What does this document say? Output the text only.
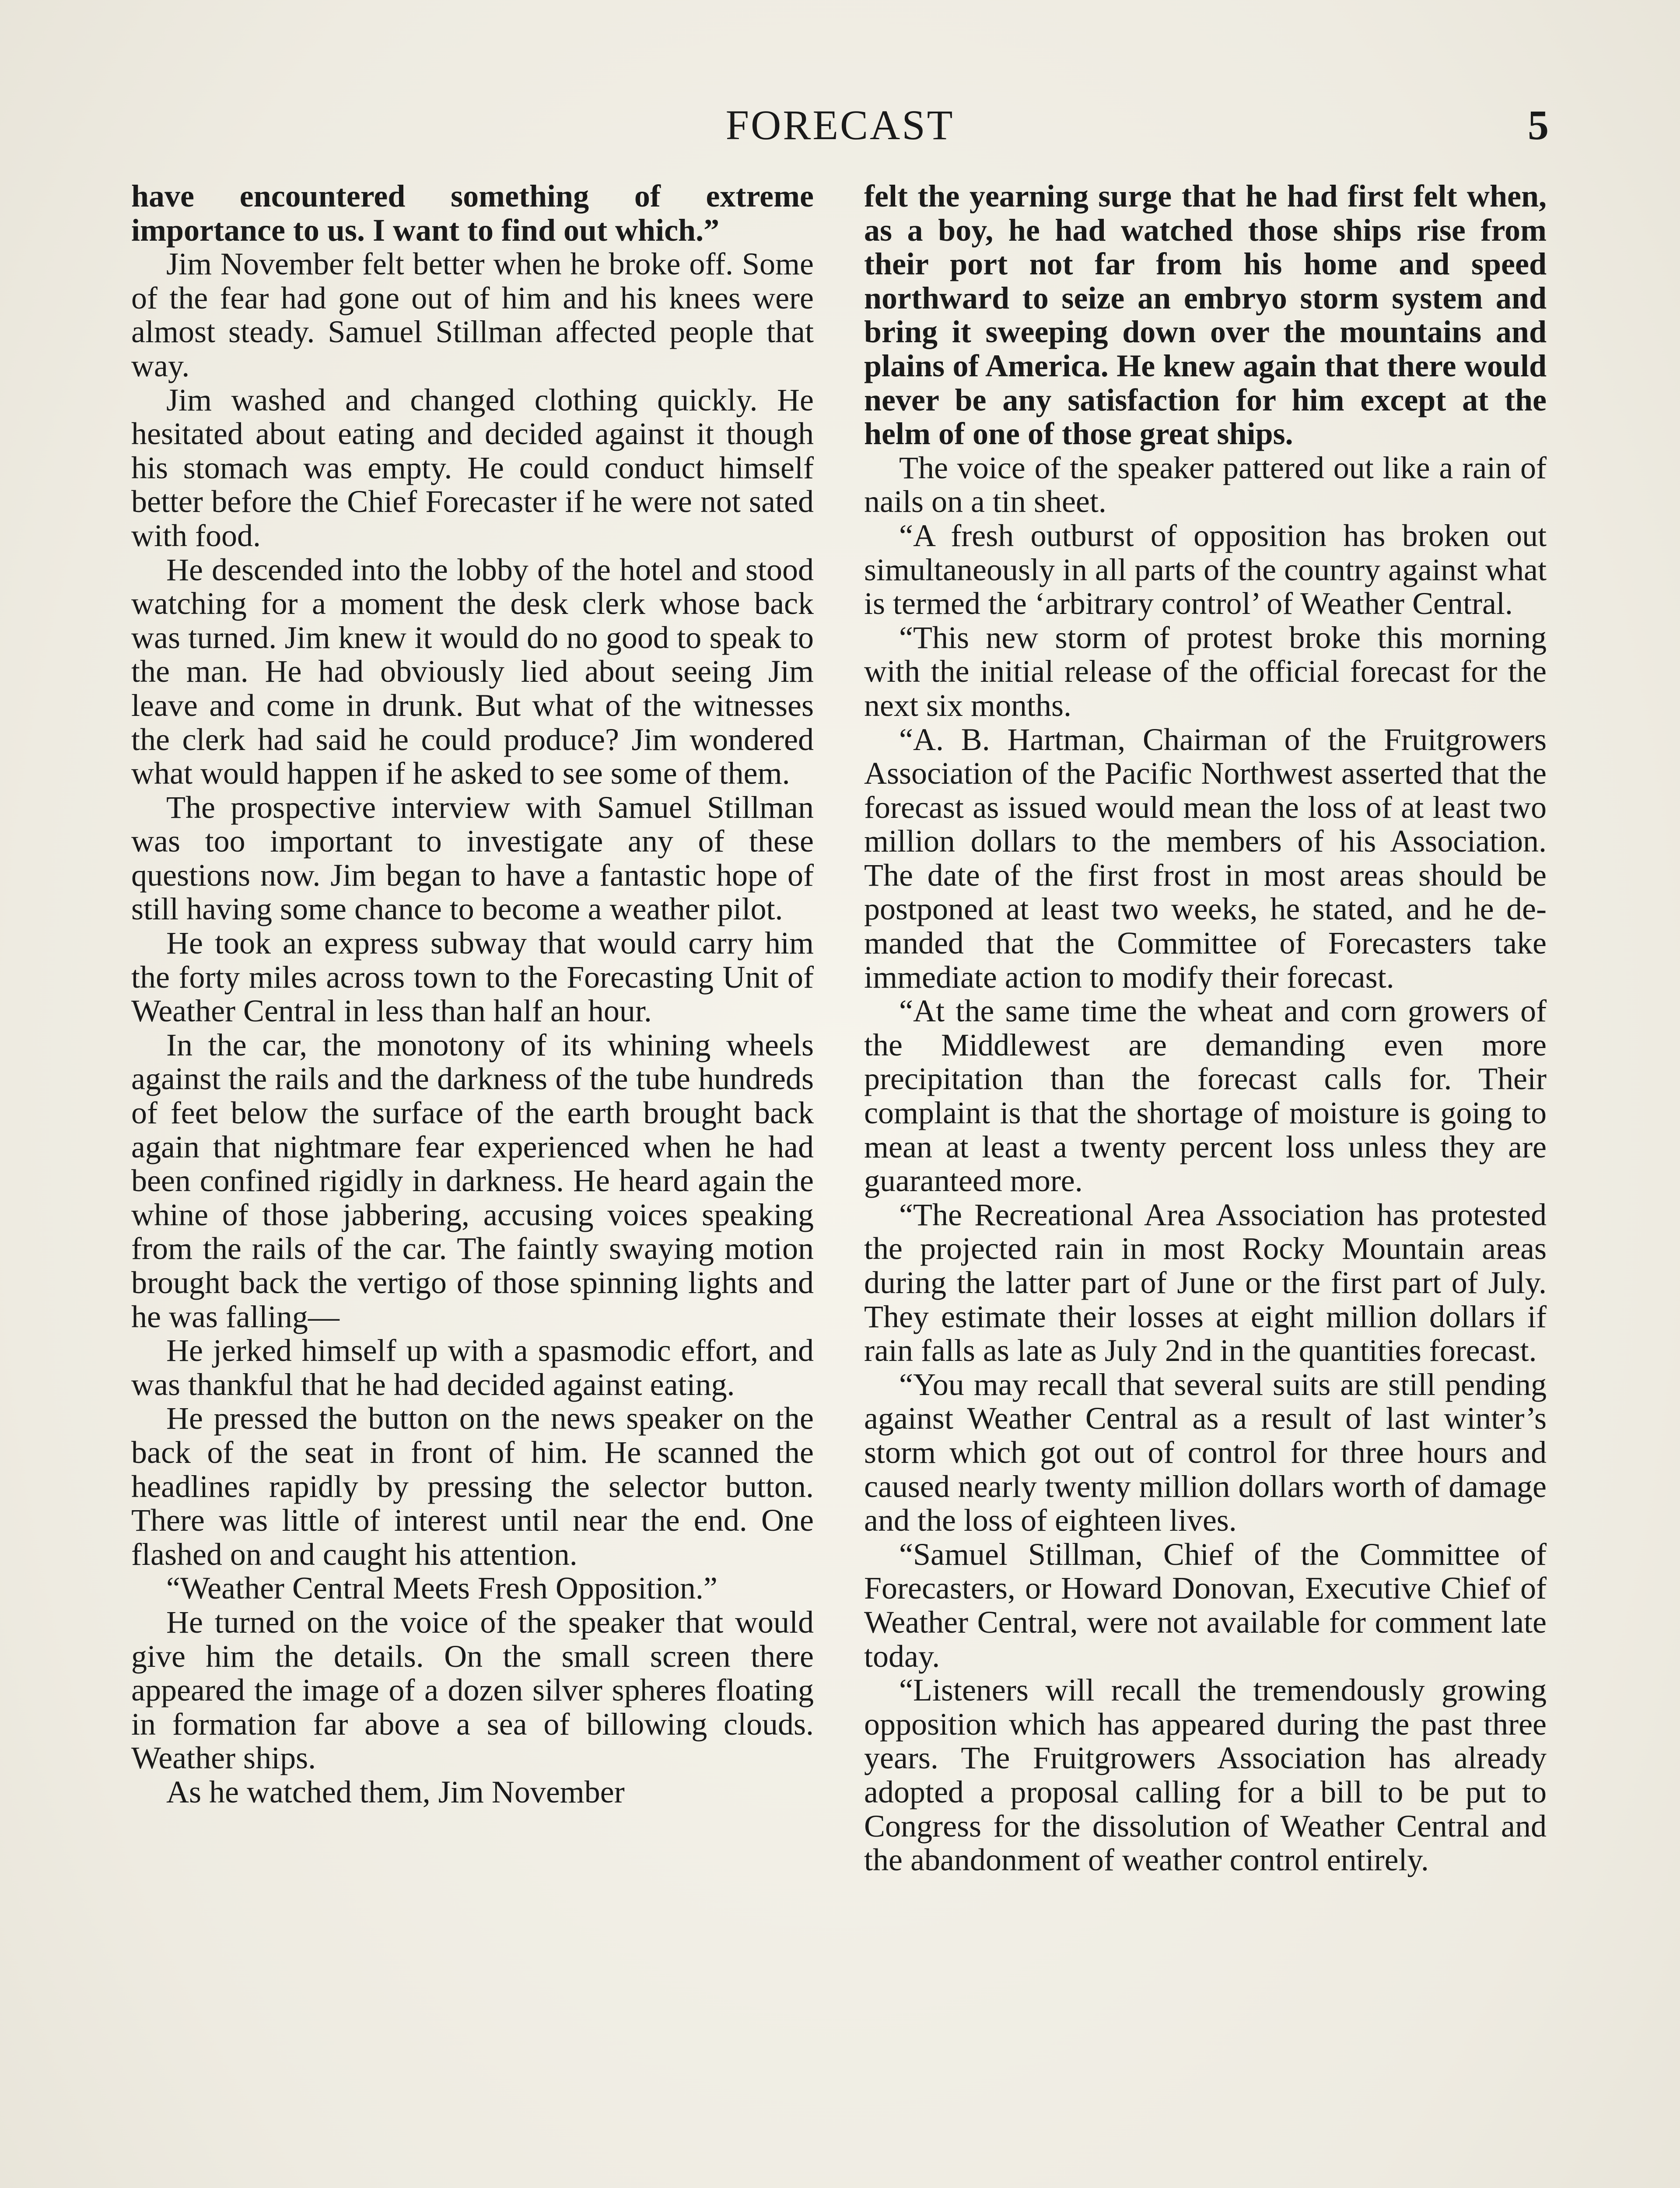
FORECAST	5

have encountered something of extreme importance to us. I want to find out which.”

Jim November felt better when he broke off. Some of the fear had gone out of him and his knees were almost steady. Samuel Stillman affected people that way.

Jim washed and changed clothing quickly. He hesitated about eating and decided against it though his stomach was empty. He could conduct himself better before the Chief Forecaster if he were not sated with food.

He descended into the lobby of the hotel and stood watching for a moment the desk clerk whose back was turned. Jim knew it would do no good to speak to the man. He had obviously lied about seeing Jim leave and come in drunk. But what of the witnesses the clerk had said he could produce? Jim wondered what would happen if he asked to see some of them.

The prospective interview with Samuel Stillman was too important to investigate any of these questions now. Jim began to have a fantastic hope of still having some chance to become a weather pilot.

He took an express subway that would carry him the forty miles across town to the Forecasting Unit of Weather Central in less than half an hour.

In the car, the monotony of its whining wheels against the rails and the darkness of the tube hundreds of feet below the surface of the earth brought back again that nightmare fear experienced when he had been confined rigidly in darkness. He heard again the whine of those jabbering, accusing voices speaking from the rails of the car. The faintly swaying motion brought back the vertigo of those spinning lights and he was falling—

He jerked himself up with a spasmodic effort, and was thankful that he had decided against eating.

He pressed the button on the news speaker on the back of the seat in front of him. He scanned the headlines rapidly by pressing the selector button. There was little of interest until near the end. One flashed on and caught his attention.

“Weather Central Meets Fresh Opposition.”

He turned on the voice of the speaker that would give him the details. On the small screen there appeared the image of a dozen silver spheres floating in formation far above a sea of billowing clouds. Weather ships.

As he watched them, Jim November

felt the yearning surge that he had first felt when, as a boy, he had watched those ships rise from their port not far from his home and speed northward to seize an embryo storm system and bring it sweeping down over the mountains and plains of America. He knew again that there would never be any satisfaction for him except at the helm of one of those great ships.

The voice of the speaker pattered out like a rain of nails on a tin sheet.

“A fresh outburst of opposition has broken out simultaneously in all parts of the country against what is termed the ‘arbitrary control’ of Weather Central.

“This new storm of protest broke this morning with the initial release of the official forecast for the next six months.

“A. B. Hartman, Chairman of the Fruitgrowers Association of the Pacific Northwest asserted that the forecast as issued would mean the loss of at least two million dollars to the members of his Association. The date of the first frost in most areas should be postponed at least two weeks, he stated, and he demanded that the Committee of Forecasters take immediate action to modify their forecast.

“At the same time the wheat and corn growers of the Middlewest are demanding even more precipitation than the forecast calls for. Their complaint is that the shortage of moisture is going to mean at least a twenty percent loss unless they are guaranteed more.

“The Recreational Area Association has protested the projected rain in most Rocky Mountain areas during the latter part of June or the first part of July. They estimate their losses at eight million dollars if rain falls as late as July 2nd in the quantities forecast.

“You may recall that several suits are still pending against Weather Central as a result of last winter’s storm which got out of control for three hours and caused nearly twenty million dollars worth of damage and the loss of eighteen lives.

“Samuel Stillman, Chief of the Committee of Forecasters, or Howard Donovan, Executive Chief of Weather Central, were not available for comment late today.

“Listeners will recall the tremendously growing opposition which has appeared during the past three years. The Fruitgrowers Association has already adopted a proposal calling for a bill to be put to Congress for the dissolution of Weather Central and the abandonment of weather control entirely.
